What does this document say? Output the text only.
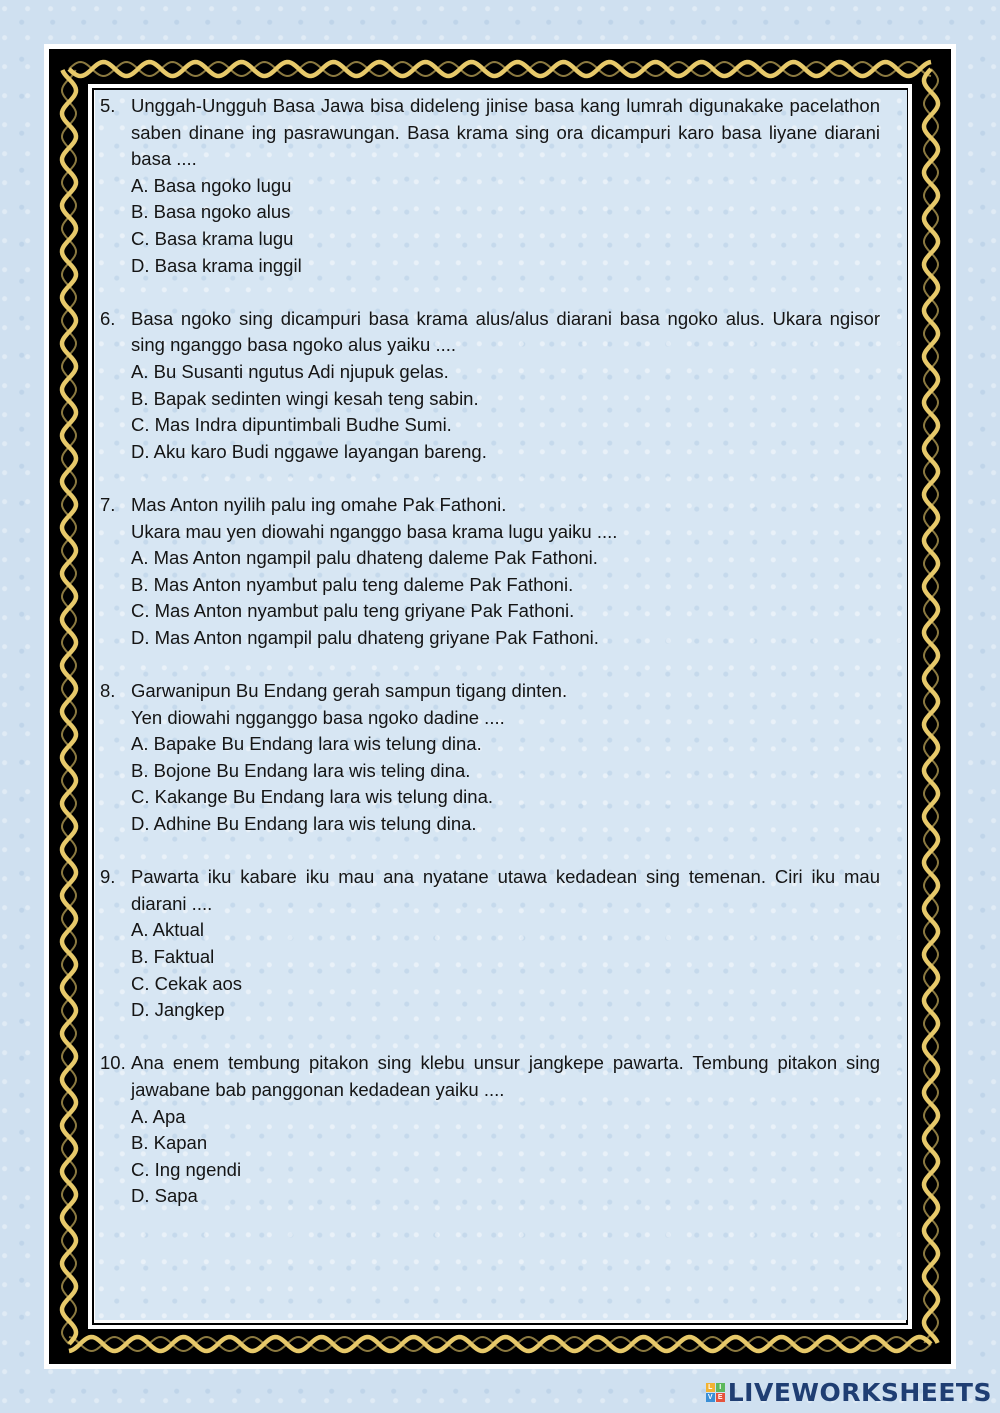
5. Unggah-Ungguh Basa Jawa bisa dideleng jinise basa kang lumrah digunakake pacelathon saben dinane ing pasrawungan. Basa krama sing ora dicampuri karo basa liyane diarani basa ....
A. Basa ngoko lugu
B. Basa ngoko alus
C. Basa krama lugu
D. Basa krama inggil
6. Basa ngoko sing dicampuri basa krama alus/alus diarani basa ngoko alus. Ukara ngisor sing nganggo basa ngoko alus yaiku ....
A. Bu Susanti ngutus Adi njupuk gelas.
B. Bapak sedinten wingi kesah teng sabin.
C. Mas Indra dipuntimbali Budhe Sumi.
D. Aku karo Budi nggawe layangan bareng.
7. Mas Anton nyilih palu ing omahe Pak Fathoni.
Ukara mau yen diowahi nganggo basa krama lugu yaiku ....
A. Mas Anton ngampil palu dhateng daleme Pak Fathoni.
B. Mas Anton nyambut palu teng daleme Pak Fathoni.
C. Mas Anton nyambut palu teng griyane Pak Fathoni.
D. Mas Anton ngampil palu dhateng griyane Pak Fathoni.
8. Garwanipun Bu Endang gerah sampun tigang dinten.
Yen diowahi ngganggo basa ngoko dadine ....
A. Bapake Bu Endang lara wis telung dina.
B. Bojone Bu Endang lara wis teling dina.
C. Kakange Bu Endang lara wis telung dina.
D. Adhine Bu Endang lara wis telung dina.
9. Pawarta iku kabare iku mau ana nyatane utawa kedadean sing temenan. Ciri iku mau diarani ....
A. Aktual
B. Faktual
C. Cekak aos
D. Jangkep
10. Ana enem tembung pitakon sing klebu unsur jangkepe pawarta. Tembung pitakon sing jawabane bab panggonan kedadean yaiku ....
A. Apa
B. Kapan
C. Ing ngendi
D. Sapa
L I
V E LIVEWORKSHEETS
